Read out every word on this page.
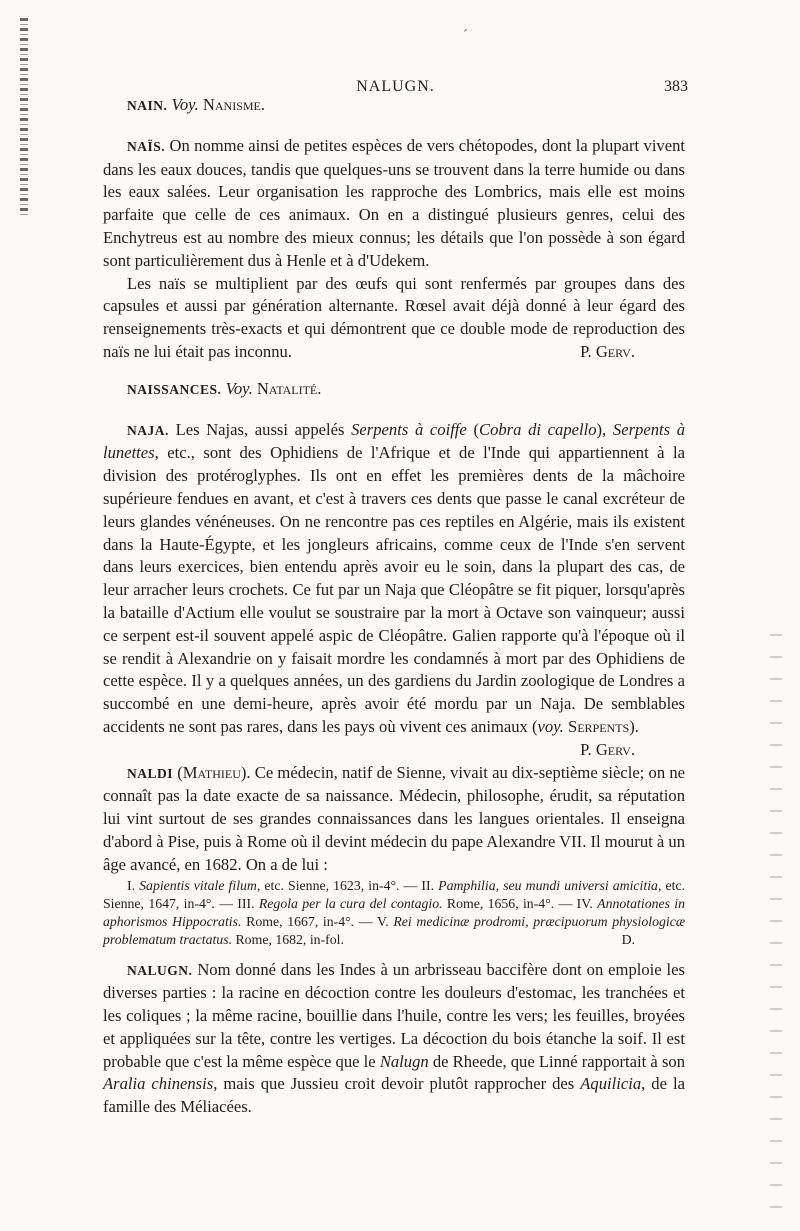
ˊ
NALUGN.	383

NAIN. Voy. Nanisme.

NAÏS. On nomme ainsi de petites espèces de vers chétopodes, dont la plupart vivent dans les eaux douces, tandis que quelques-uns se trouvent dans la terre humide ou dans les eaux salées. Leur organisation les rapproche des Lombrics, mais elle est moins parfaite que celle de ces animaux. On en a distingué plusieurs genres, celui des Enchytreus est au nombre des mieux connus; les détails que l'on possède à son égard sont particulièrement dus à Henle et à d'Udekem.

Les naïs se multiplient par des œufs qui sont renfermés par groupes dans des capsules et aussi par génération alternante. Rœsel avait déjà donné à leur égard des renseignements très-exacts et qui démontrent que ce double mode de reproduction des naïs ne lui était pas inconnu.	P. Gerv.

NAISSANCES. Voy. Natalité.

NAJA. Les Najas, aussi appelés Serpents à coiffe (Cobra di capello), Serpents à lunettes, etc., sont des Ophidiens de l'Afrique et de l'Inde qui appartiennent à la division des protéroglyphes. Ils ont en effet les premières dents de la mâchoire supérieure fendues en avant, et c'est à travers ces dents que passe le canal excréteur de leurs glandes vénéneuses. On ne rencontre pas ces reptiles en Algérie, mais ils existent dans la Haute-Égypte, et les jongleurs africains, comme ceux de l'Inde s'en servent dans leurs exercices, bien entendu après avoir eu le soin, dans la plupart des cas, de leur arracher leurs crochets. Ce fut par un Naja que Cléopâtre se fit piquer, lorsqu'après la bataille d'Actium elle voulut se soustraire par la mort à Octave son vainqueur; aussi ce serpent est-il souvent appelé aspic de Cléopâtre. Galien rapporte qu'à l'époque où il se rendit à Alexandrie on y faisait mordre les condamnés à mort par des Ophidiens de cette espèce. Il y a quelques années, un des gardiens du Jardin zoologique de Londres a succombé en une demi-heure, après avoir été mordu par un Naja. De semblables accidents ne sont pas rares, dans les pays où vivent ces animaux (voy. Serpents).
P. Gerv.

NALDI (Mathieu). Ce médecin, natif de Sienne, vivait au dix-septième siècle; on ne connaît pas la date exacte de sa naissance. Médecin, philosophe, érudit, sa réputation lui vint surtout de ses grandes connaissances dans les langues orientales. Il enseigna d'abord à Pise, puis à Rome où il devint médecin du pape Alexandre VII. Il mourut à un âge avancé, en 1682. On a de lui :

I. Sapientis vitale filum, etc. Sienne, 1623, in-4°. — II. Pamphilia, seu mundi universi amicitia, etc. Sienne, 1647, in-4°. — III. Regola per la cura del contagio. Rome, 1656, in-4°. — IV. Annotationes in aphorismos Hippocratis. Rome, 1667, in-4°. — V. Rei medicinæ prodromi, præcipuorum physiologicæ problematum tractatus. Rome, 1682, in-fol.	D.

NALUGN. Nom donné dans les Indes à un arbrisseau baccifère dont on emploie les diverses parties : la racine en décoction contre les douleurs d'estomac, les tranchées et les coliques ; la même racine, bouillie dans l'huile, contre les vers; les feuilles, broyées et appliquées sur la tête, contre les vertiges. La décoction du bois étanche la soif. Il est probable que c'est la même espèce que le Nalugn de Rheede, que Linné rapportait à son Aralia chinensis, mais que Jussieu croit devoir plutôt rapprocher des Aquilicia, de la famille des Méliacées.
